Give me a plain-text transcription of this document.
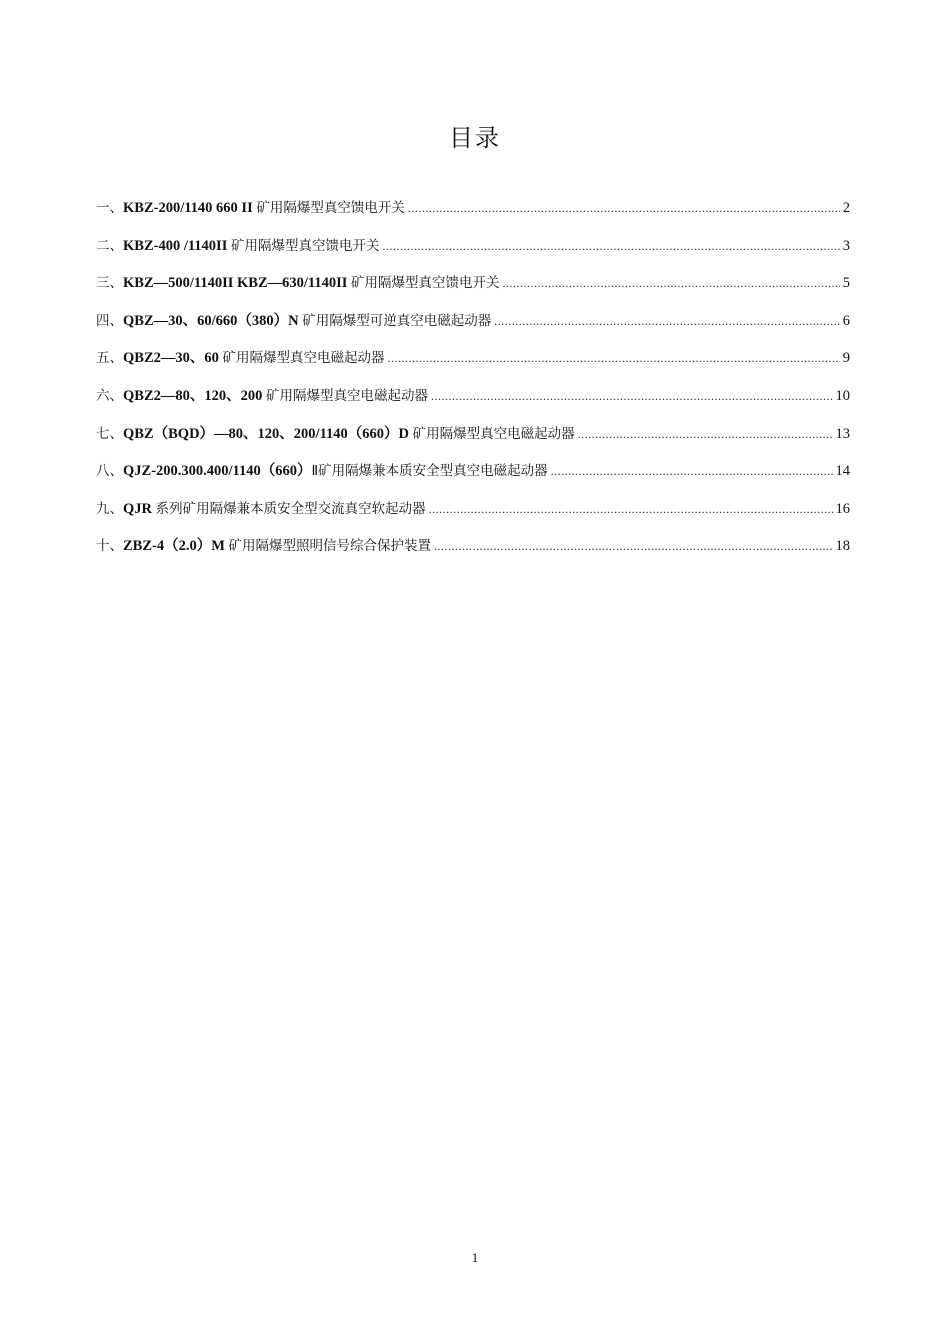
目录
一、KBZ-200/1140 660 II 矿用隔爆型真空馈电开关 .....	2
二、KBZ-400 /1140II 矿用隔爆型真空馈电开关 .....	3
三、KBZ—500/1140II KBZ—630/1140II 矿用隔爆型真空馈电开关 .....	5
四、QBZ—30、60/660（380）N 矿用隔爆型可逆真空电磁起动器 .....	6
五、QBZ2—30、60 矿用隔爆型真空电磁起动器 .....	9
六、QBZ2—80、120、200 矿用隔爆型真空电磁起动器 .....	10
七、QBZ（BQD）—80、120、200/1140（660）D 矿用隔爆型真空电磁起动器 .....	13
八、QJZ-200.300.400/1140（660）Ⅱ矿用隔爆兼本质安全型真空电磁起动器 .....	14
九、QJR 系列矿用隔爆兼本质安全型交流真空软起动器 .....	16
十、ZBZ-4（2.0）M 矿用隔爆型照明信号综合保护装置 .....	18
1
